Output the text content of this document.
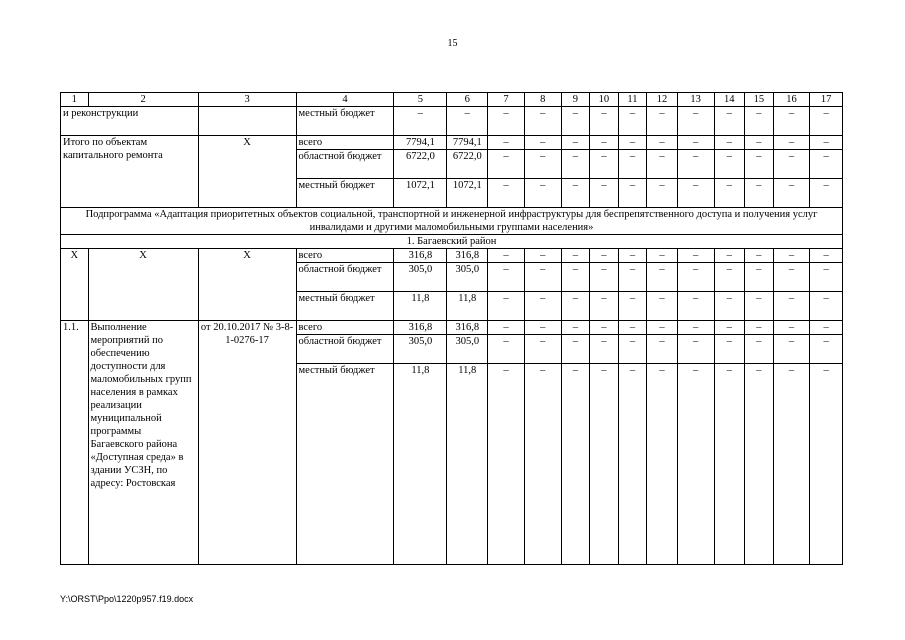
15
1	2	3	4	5	6	7	8	9	10	11	12	13	14	15	16	17
и реконструкции			местный бюджет	–	–	–	–	–	–	–	–	–	–	–	–	–
Итого по объектам капитального ремонта		X	всего	7794,1	7794,1	–	–	–	–	–	–	–	–	–	–	–
			областной бюджет	6722,0	6722,0	–	–	–	–	–	–	–	–	–	–	–
			местный бюджет	1072,1	1072,1	–	–	–	–	–	–	–	–	–	–	–
Подпрограмма «Адаптация приоритетных объектов социальной, транспортной и инженерной инфраструктуры для беспрепятственного доступа и получения услуг инвалидами и другими маломобильными группами населения»																
1. Багаевский район																
X	X	X	всего	316,8	316,8	–	–	–	–	–	–	–	–	–	–	–
			областной бюджет	305,0	305,0	–	–	–	–	–	–	–	–	–	–	–
			местный бюджет	11,8	11,8	–	–	–	–	–	–	–	–	–	–	–
1.1.	Выполнение мероприятий по обеспечению доступности для маломобильных групп населения в рамках реализации муниципальной программы Багаевского района «Доступная среда» в здании УСЗН, по адресу: Ростовская	от 20.10.2017 № 3-8-1-0276-17	всего	316,8	316,8	–	–	–	–	–	–	–	–	–	–	–
			областной бюджет	305,0	305,0	–	–	–	–	–	–	–	–	–	–	–
			местный бюджет	11,8	11,8	–	–	–	–	–	–	–	–	–	–	–
Y:\ORST\Ppo\1220p957.f19.docx
